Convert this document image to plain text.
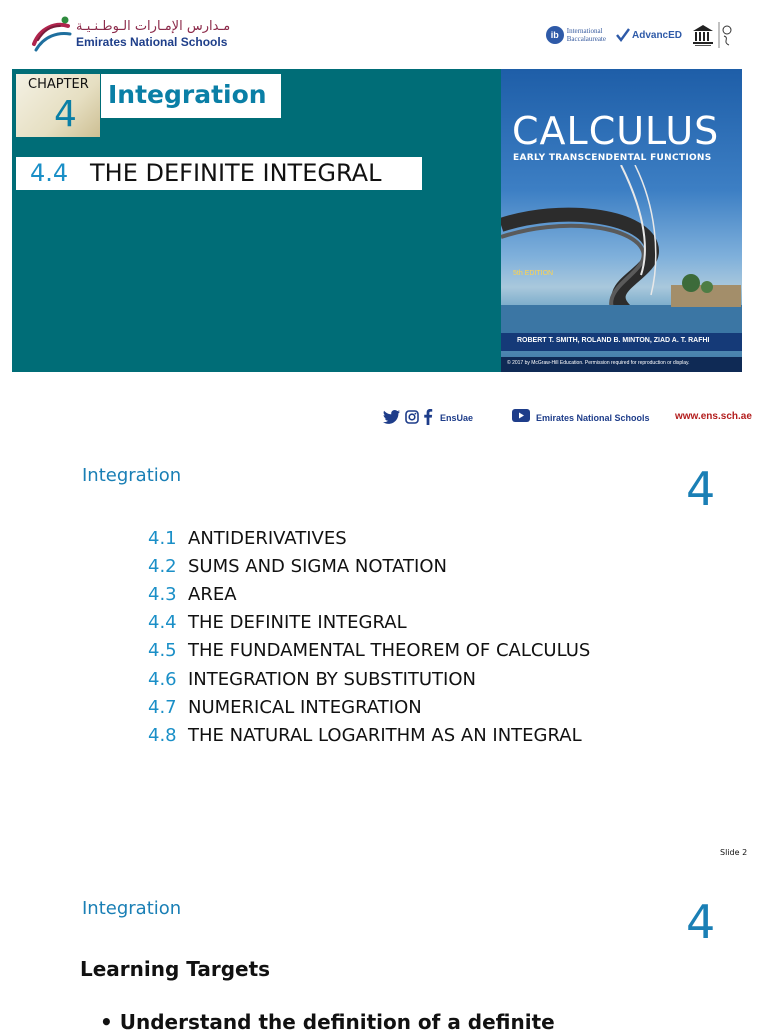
مـدارس الإمـارات الـوطـنـيـة
Emirates National Schools	ib	International
Baccalaureate	AdvancED
CHAPTER
4 Integration
4.4 THE DEFINITE INTEGRAL
CALCULUS
EARLY TRANSCENDENTAL FUNCTIONS
5th EDITION
ROBERT T. SMITH, ROLAND B. MINTON, ZIAD A. T. RAFHI
© 2017 by McGraw-Hill Education. Permission required for reproduction or display.
EnsUae	Emirates National Schools	www.ens.sch.ae
Integration	4
4.1 ANTIDERIVATIVES
4.2 SUMS AND SIGMA NOTATION
4.3 AREA
4.4 THE DEFINITE INTEGRAL
4.5 THE FUNDAMENTAL THEOREM OF CALCULUS
4.6 INTEGRATION BY SUBSTITUTION
4.7 NUMERICAL INTEGRATION
4.8 THE NATURAL LOGARITHM AS AN INTEGRAL
Slide 2
Integration	4
Learning Targets
• Understand the definition of a definite
